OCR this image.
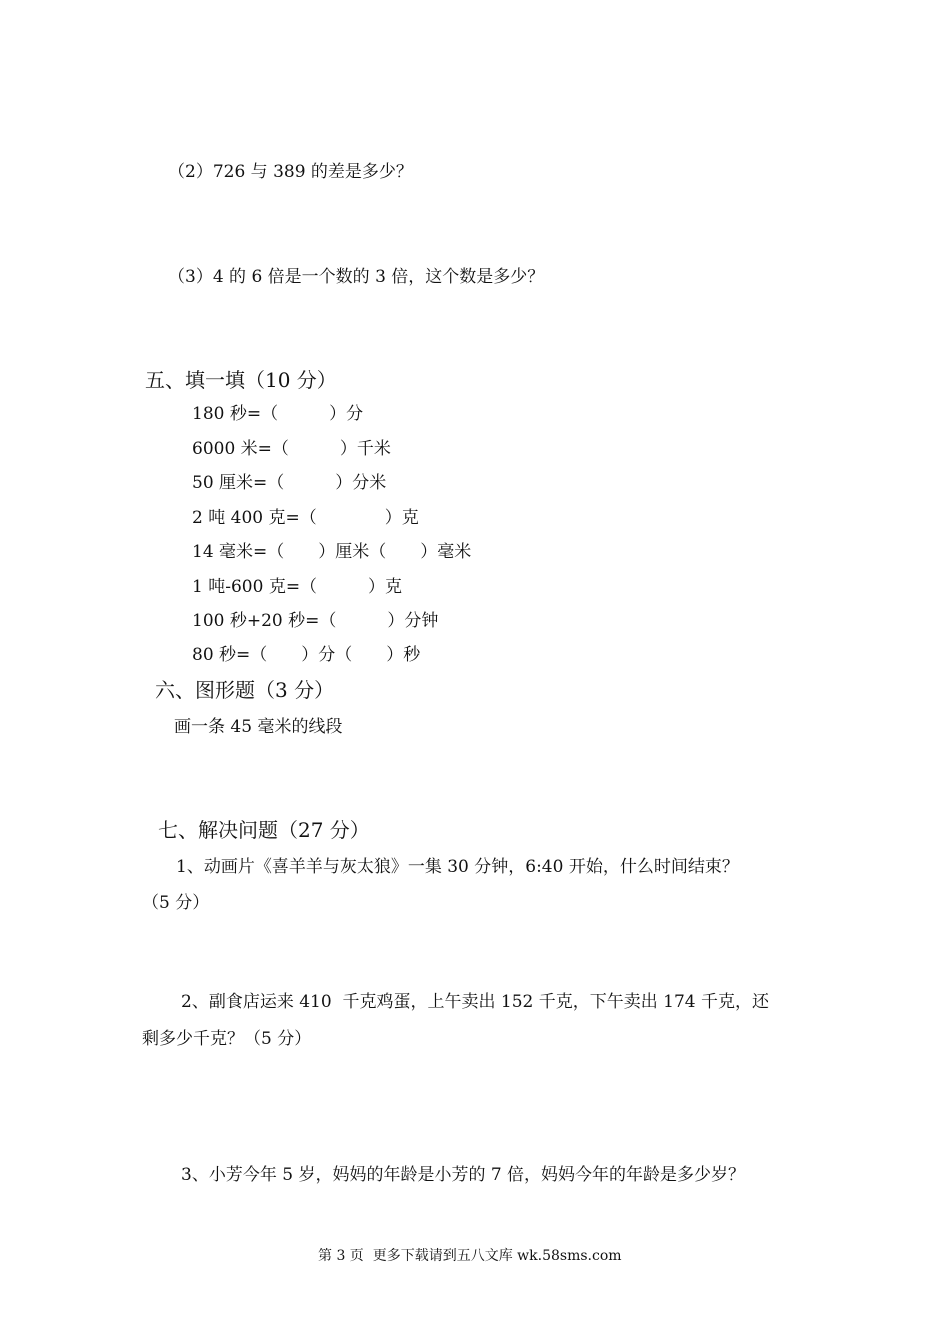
（2）726 与 389 的差是多少？
（3）4 的 6 倍是一个数的 3 倍，这个数是多少？
五、填一填（10 分）
180 秒=（　　　）分
6000 米=（　　　）千米
50 厘米=（　　　）分米
2 吨 400 克=（　　　　）克
14 毫米=（　　）厘米（　　）毫米
1 吨-600 克=（　　　）克
100 秒+20 秒=（　　　）分钟
80 秒=（　　）分（　　）秒
六、图形题（3 分）
画一条 45 毫米的线段
七、解决问题（27 分）
1、动画片《喜羊羊与灰太狼》一集 30 分钟，6:40 开始，什么时间结束？
（5 分）
2、副食店运来 410  千克鸡蛋，上午卖出 152 千克，下午卖出 174 千克，还
剩多少千克？（5 分）
3、小芳今年 5 岁，妈妈的年龄是小芳的 7 倍，妈妈今年的年龄是多少岁？
第 3 页  更多下载请到五八文库 wk.58sms.com
